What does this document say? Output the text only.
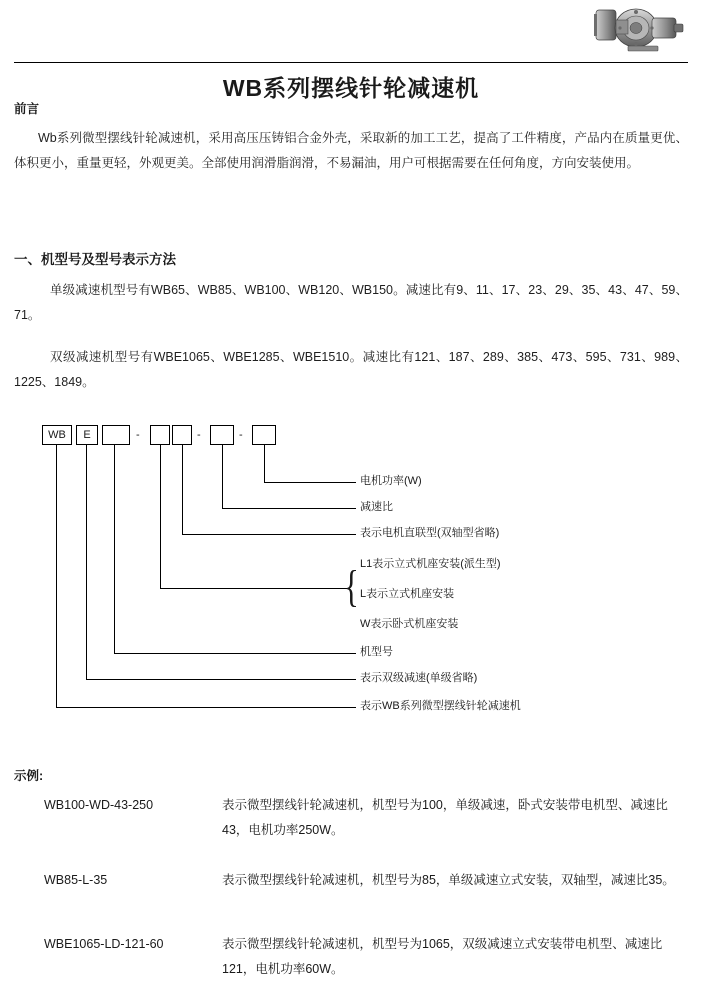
WB系列摆线针轮减速机
前言
Wb系列微型摆线针轮减速机，采用高压压铸铝合金外壳，采取新的加工工艺，提高了工件精度，产品内在质量更优、体积更小，重量更轻，外观更美。全部使用润滑脂润滑，不易漏油，用户可根据需要在任何角度，方向安装使用。
一、机型号及型号表示方法
单级减速机型号有WB65、WB85、WB100、WB120、WB150。减速比有9、11、17、23、29、35、43、47、59、71。
双级减速机型号有WBE1065、WBE1285、WBE1510。减速比有121、187、289、385、473、595、731、989、1225、1849。
WB	E	-	-	-
电机功率(W)
减速比
表示电机直联型(双轴型省略)
{ L1表示立式机座安装(派生型)
L表示立式机座安装
W表示卧式机座安装
机型号
表示双级减速(单级省略)
表示WB系列微型摆线针轮减速机
示例:
WB100-WD-43-250	表示微型摆线针轮减速机，机型号为100，单级减速，卧式安装带电机型、减速比43，电机功率250W。
WB85-L-35	表示微型摆线针轮减速机，机型号为85，单级减速立式安装，双轴型，减速比35。
WBE1065-LD-121-60	表示微型摆线针轮减速机，机型号为1065，双级减速立式安装带电机型、减速比121，电机功率60W。
